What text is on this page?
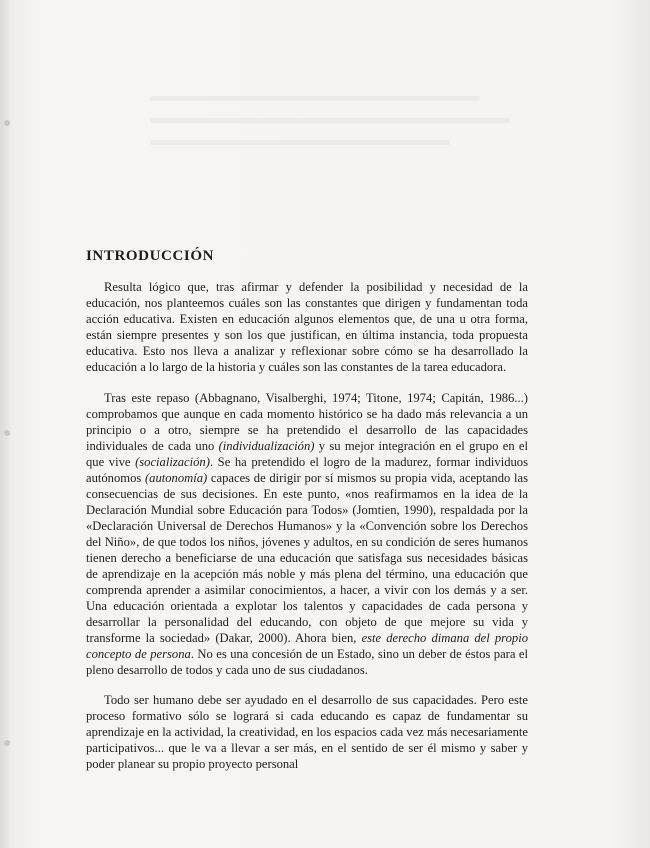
INTRODUCCIÓN

Resulta lógico que, tras afirmar y defender la posibilidad y necesidad de la educación, nos planteemos cuáles son las constantes que dirigen y fundamentan toda acción educativa. Existen en educación algunos elementos que, de una u otra forma, están siempre presentes y son los que justifican, en última instancia, toda propuesta educativa. Esto nos lleva a analizar y reflexionar sobre cómo se ha desarrollado la educación a lo largo de la historia y cuáles son las constantes de la tarea educadora.

Tras este repaso (Abbagnano, Visalberghi, 1974; Titone, 1974; Capitán, 1986...) comprobamos que aunque en cada momento histórico se ha dado más relevancia a un principio o a otro, siempre se ha pretendido el desarrollo de las capacidades individuales de cada uno (individualización) y su mejor integración en el grupo en el que vive (socialización). Se ha pretendido el logro de la madurez, formar individuos autónomos (autonomía) capaces de dirigir por sí mismos su propia vida, aceptando las consecuencias de sus decisiones. En este punto, «nos reafirmamos en la idea de la Declaración Mundial sobre Educación para Todos» (Jomtien, 1990), respaldada por la «Declaración Universal de Derechos Humanos» y la «Convención sobre los Derechos del Niño», de que todos los niños, jóvenes y adultos, en su condición de seres humanos tienen derecho a beneficiarse de una educación que satisfaga sus necesidades básicas de aprendizaje en la acepción más noble y más plena del término, una educación que comprenda aprender a asimilar conocimientos, a hacer, a vivir con los demás y a ser. Una educación orientada a explotar los talentos y capacidades de cada persona y desarrollar la personalidad del educando, con objeto de que mejore su vida y transforme la sociedad» (Dakar, 2000). Ahora bien, este derecho dimana del propio concepto de persona. No es una concesión de un Estado, sino un deber de éstos para el pleno desarrollo de todos y cada uno de sus ciudadanos.

Todo ser humano debe ser ayudado en el desarrollo de sus capacidades. Pero este proceso formativo sólo se logrará si cada educando es capaz de fundamentar su aprendizaje en la actividad, la creatividad, en los espacios cada vez más necesariamente participativos... que le va a llevar a ser más, en el sentido de ser él mismo y saber y poder planear su propio proyecto personal
